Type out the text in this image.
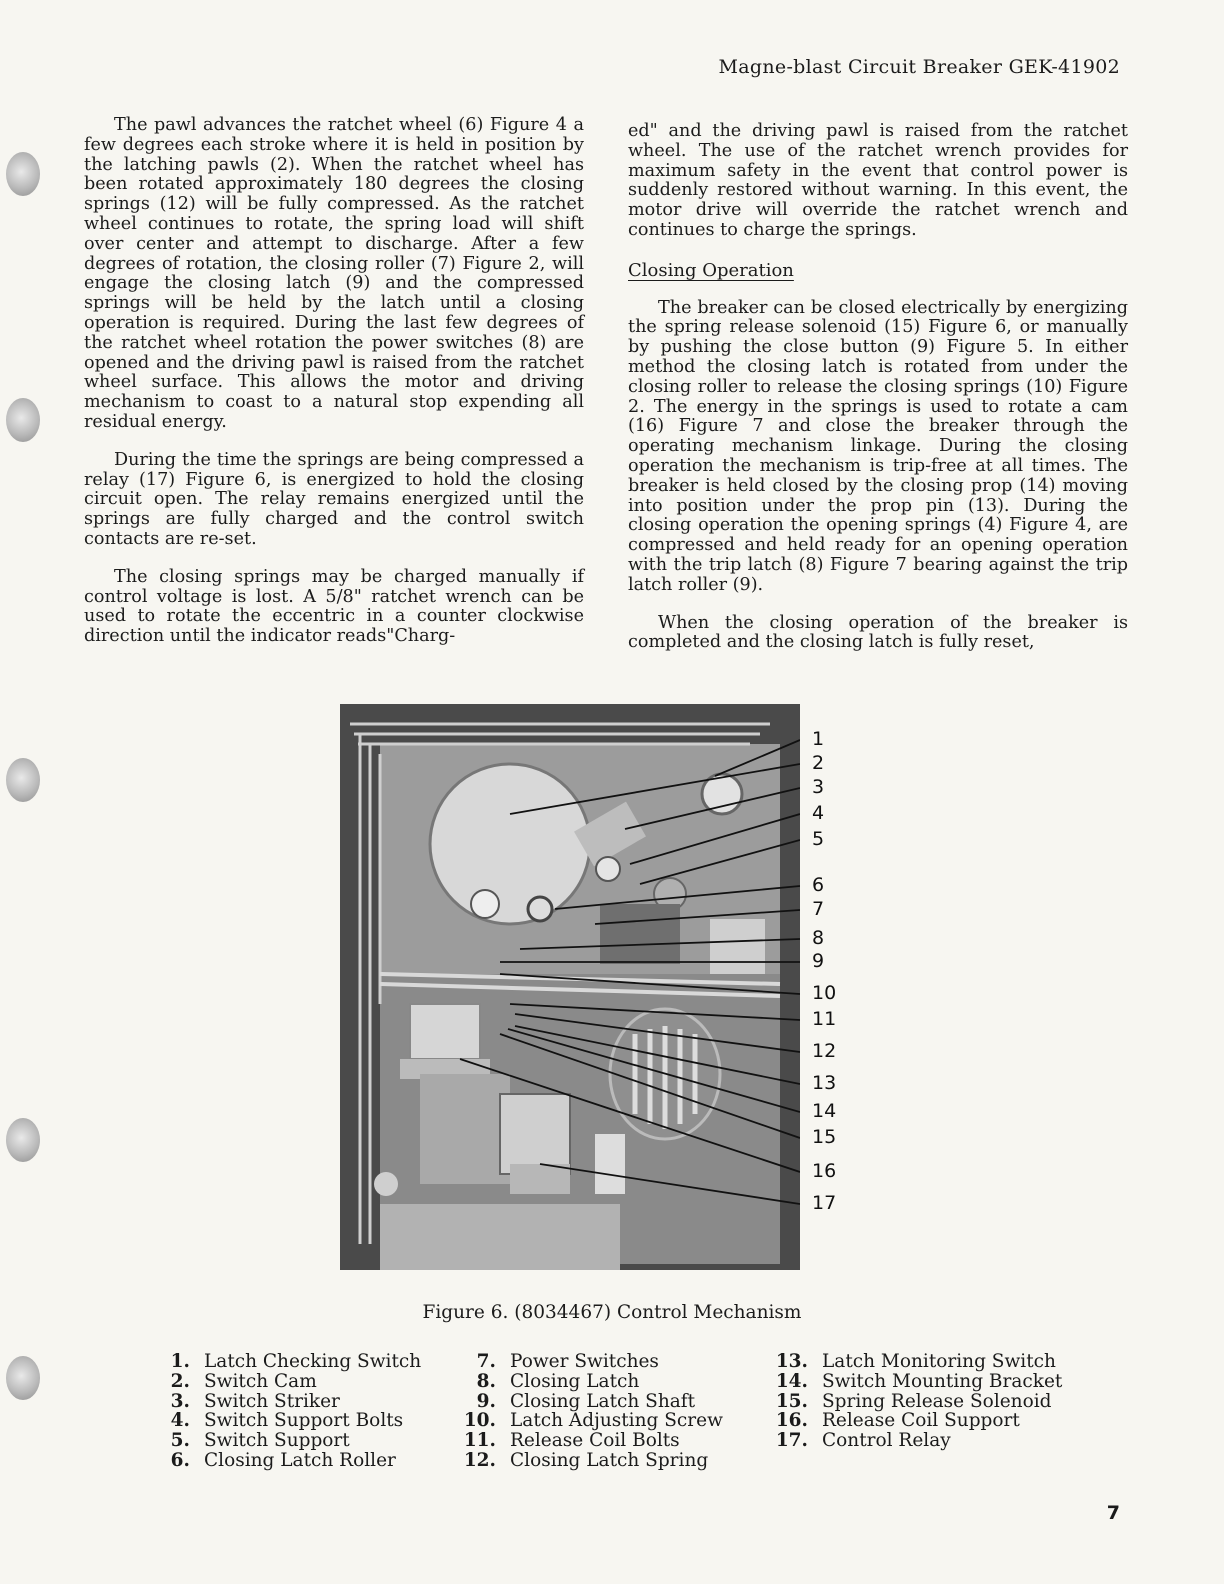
Magne-blast Circuit Breaker GEK-41902

The pawl advances the ratchet wheel (6) Figure 4 a few degrees each stroke where it is held in position by the latching pawls (2). When the ratchet wheel has been rotated approximately 180 degrees the closing springs (12) will be fully compressed. As the ratchet wheel continues to rotate, the spring load will shift over center and attempt to discharge. After a few degrees of rotation, the closing roller (7) Figure 2, will engage the closing latch (9) and the compressed springs will be held by the latch until a closing operation is required. During the last few degrees of the ratchet wheel rotation the power switches (8) are opened and the driving pawl is raised from the ratchet wheel surface. This allows the motor and driving mechanism to coast to a natural stop expending all residual energy.

During the time the springs are being compressed a relay (17) Figure 6, is energized to hold the closing circuit open. The relay remains energized until the springs are fully charged and the control switch contacts are re-set.

The closing springs may be charged manually if control voltage is lost. A 5/8" ratchet wrench can be used to rotate the eccentric in a counter clockwise direction until the indicator reads"Charg-

ed" and the driving pawl is raised from the ratchet wheel. The use of the ratchet wrench provides for maximum safety in the event that control power is suddenly restored without warning. In this event, the motor drive will override the ratchet wrench and continues to charge the springs.

Closing Operation

The breaker can be closed electrically by energizing the spring release solenoid (15) Figure 6, or manually by pushing the close button (9) Figure 5. In either method the closing latch is rotated from under the closing roller to release the closing springs (10) Figure 2. The energy in the springs is used to rotate a cam (16) Figure 7 and close the breaker through the operating mechanism linkage. During the closing operation the mechanism is trip-free at all times. The breaker is held closed by the closing prop (14) moving into position under the prop pin (13). During the closing operation the opening springs (4) Figure 4, are compressed and held ready for an opening operation with the trip latch (8) Figure 7 bearing against the trip latch roller (9).

When the closing operation of the breaker is completed and the closing latch is fully reset,

1
2
3
4
5
6
7
8
9
10
11
12
13
14
15
16
17
Figure 6. (8034467) Control Mechanism
1. Latch Checking Switch
2. Switch Cam
3. Switch Striker
4. Switch Support Bolts
5. Switch Support
6. Closing Latch Roller
7. Power Switches
8. Closing Latch
9. Closing Latch Shaft
10. Latch Adjusting Screw
11. Release Coil Bolts
12. Closing Latch Spring
13. Latch Monitoring Switch
14. Switch Mounting Bracket
15. Spring Release Solenoid
16. Release Coil Support
17. Control Relay
7
